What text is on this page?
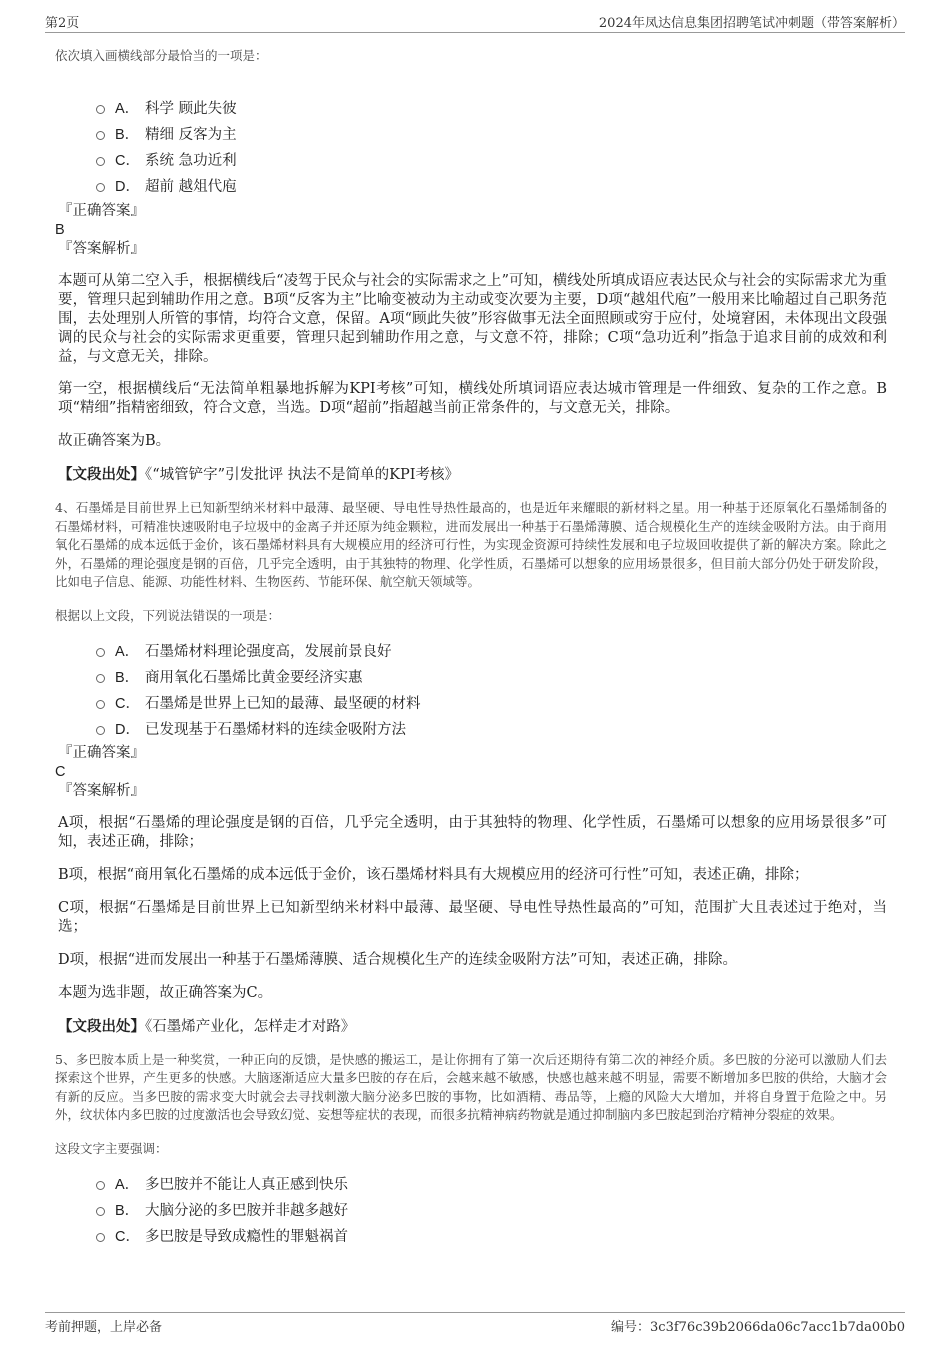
第2页	2024年凤达信息集团招聘笔试冲刺题（带答案解析）

依次填入画横线部分最恰当的一项是：

A． 科学 顾此失彼
B． 精细 反客为主
C． 系统 急功近利
D． 超前 越俎代庖
『正确答案』
B
『答案解析』

本题可从第二空入手，根据横线后“凌驾于民众与社会的实际需求之上”可知，横线处所填成语应表达民众与社会的实际需求尤为重要，管理只起到辅助作用之意。B项“反客为主”比喻变被动为主动或变次要为主要，D项“越俎代庖”一般用来比喻超过自己职务范围，去处理别人所管的事情，均符合文意，保留。A项“顾此失彼”形容做事无法全面照顾或穷于应付，处境窘困，未体现出文段强调的民众与社会的实际需求更重要，管理只起到辅助作用之意，与文意不符，排除；C项“急功近利”指急于追求目前的成效和利益，与文意无关，排除。

第一空，根据横线后“无法简单粗暴地拆解为KPI考核”可知，横线处所填词语应表达城市管理是一件细致、复杂的工作之意。B项“精细”指精密细致，符合文意，当选。D项“超前”指超越当前正常条件的，与文意无关，排除。

故正确答案为B。

【文段出处】《“城管铲字”引发批评 执法不是简单的KPI考核》

4、石墨烯是目前世界上已知新型纳米材料中最薄、最坚硬、导电性导热性最高的，也是近年来耀眼的新材料之星。用一种基于还原氧化石墨烯制备的石墨烯材料，可精准快速吸附电子垃圾中的金离子并还原为纯金颗粒，进而发展出一种基于石墨烯薄膜、适合规模化生产的连续金吸附方法。由于商用氧化石墨烯的成本远低于金价，该石墨烯材料具有大规模应用的经济可行性，为实现金资源可持续性发展和电子垃圾回收提供了新的解决方案。除此之外，石墨烯的理论强度是钢的百倍，几乎完全透明，由于其独特的物理、化学性质，石墨烯可以想象的应用场景很多，但目前大部分仍处于研发阶段，比如电子信息、能源、功能性材料、生物医药、节能环保、航空航天领域等。

根据以上文段，下列说法错误的一项是：

A． 石墨烯材料理论强度高，发展前景良好
B． 商用氧化石墨烯比黄金要经济实惠
C． 石墨烯是世界上已知的最薄、最坚硬的材料
D． 已发现基于石墨烯材料的连续金吸附方法
『正确答案』
C
『答案解析』

A项，根据“石墨烯的理论强度是钢的百倍，几乎完全透明，由于其独特的物理、化学性质，石墨烯可以想象的应用场景很多”可知，表述正确，排除；

B项，根据“商用氧化石墨烯的成本远低于金价，该石墨烯材料具有大规模应用的经济可行性”可知，表述正确，排除；

C项，根据“石墨烯是目前世界上已知新型纳米材料中最薄、最坚硬、导电性导热性最高的”可知，范围扩大且表述过于绝对，当选；

D项，根据“进而发展出一种基于石墨烯薄膜、适合规模化生产的连续金吸附方法”可知，表述正确，排除。

本题为选非题，故正确答案为C。

【文段出处】《石墨烯产业化，怎样走才对路》

5、多巴胺本质上是一种奖赏，一种正向的反馈，是快感的搬运工，是让你拥有了第一次后还期待有第二次的神经介质。多巴胺的分泌可以激励人们去探索这个世界，产生更多的快感。大脑逐渐适应大量多巴胺的存在后，会越来越不敏感，快感也越来越不明显，需要不断增加多巴胺的供给，大脑才会有新的反应。当多巴胺的需求变大时就会去寻找刺激大脑分泌多巴胺的事物，比如酒精、毒品等，上瘾的风险大大增加，并将自身置于危险之中。另外，纹状体内多巴胺的过度激活也会导致幻觉、妄想等症状的表现，而很多抗精神病药物就是通过抑制脑内多巴胺起到治疗精神分裂症的效果。

这段文字主要强调：

A． 多巴胺并不能让人真正感到快乐
B． 大脑分泌的多巴胺并非越多越好
C． 多巴胺是导致成瘾性的罪魁祸首
考前押题，上岸必备	编号：3c3f76c39b2066da06c7acc1b7da00b0
